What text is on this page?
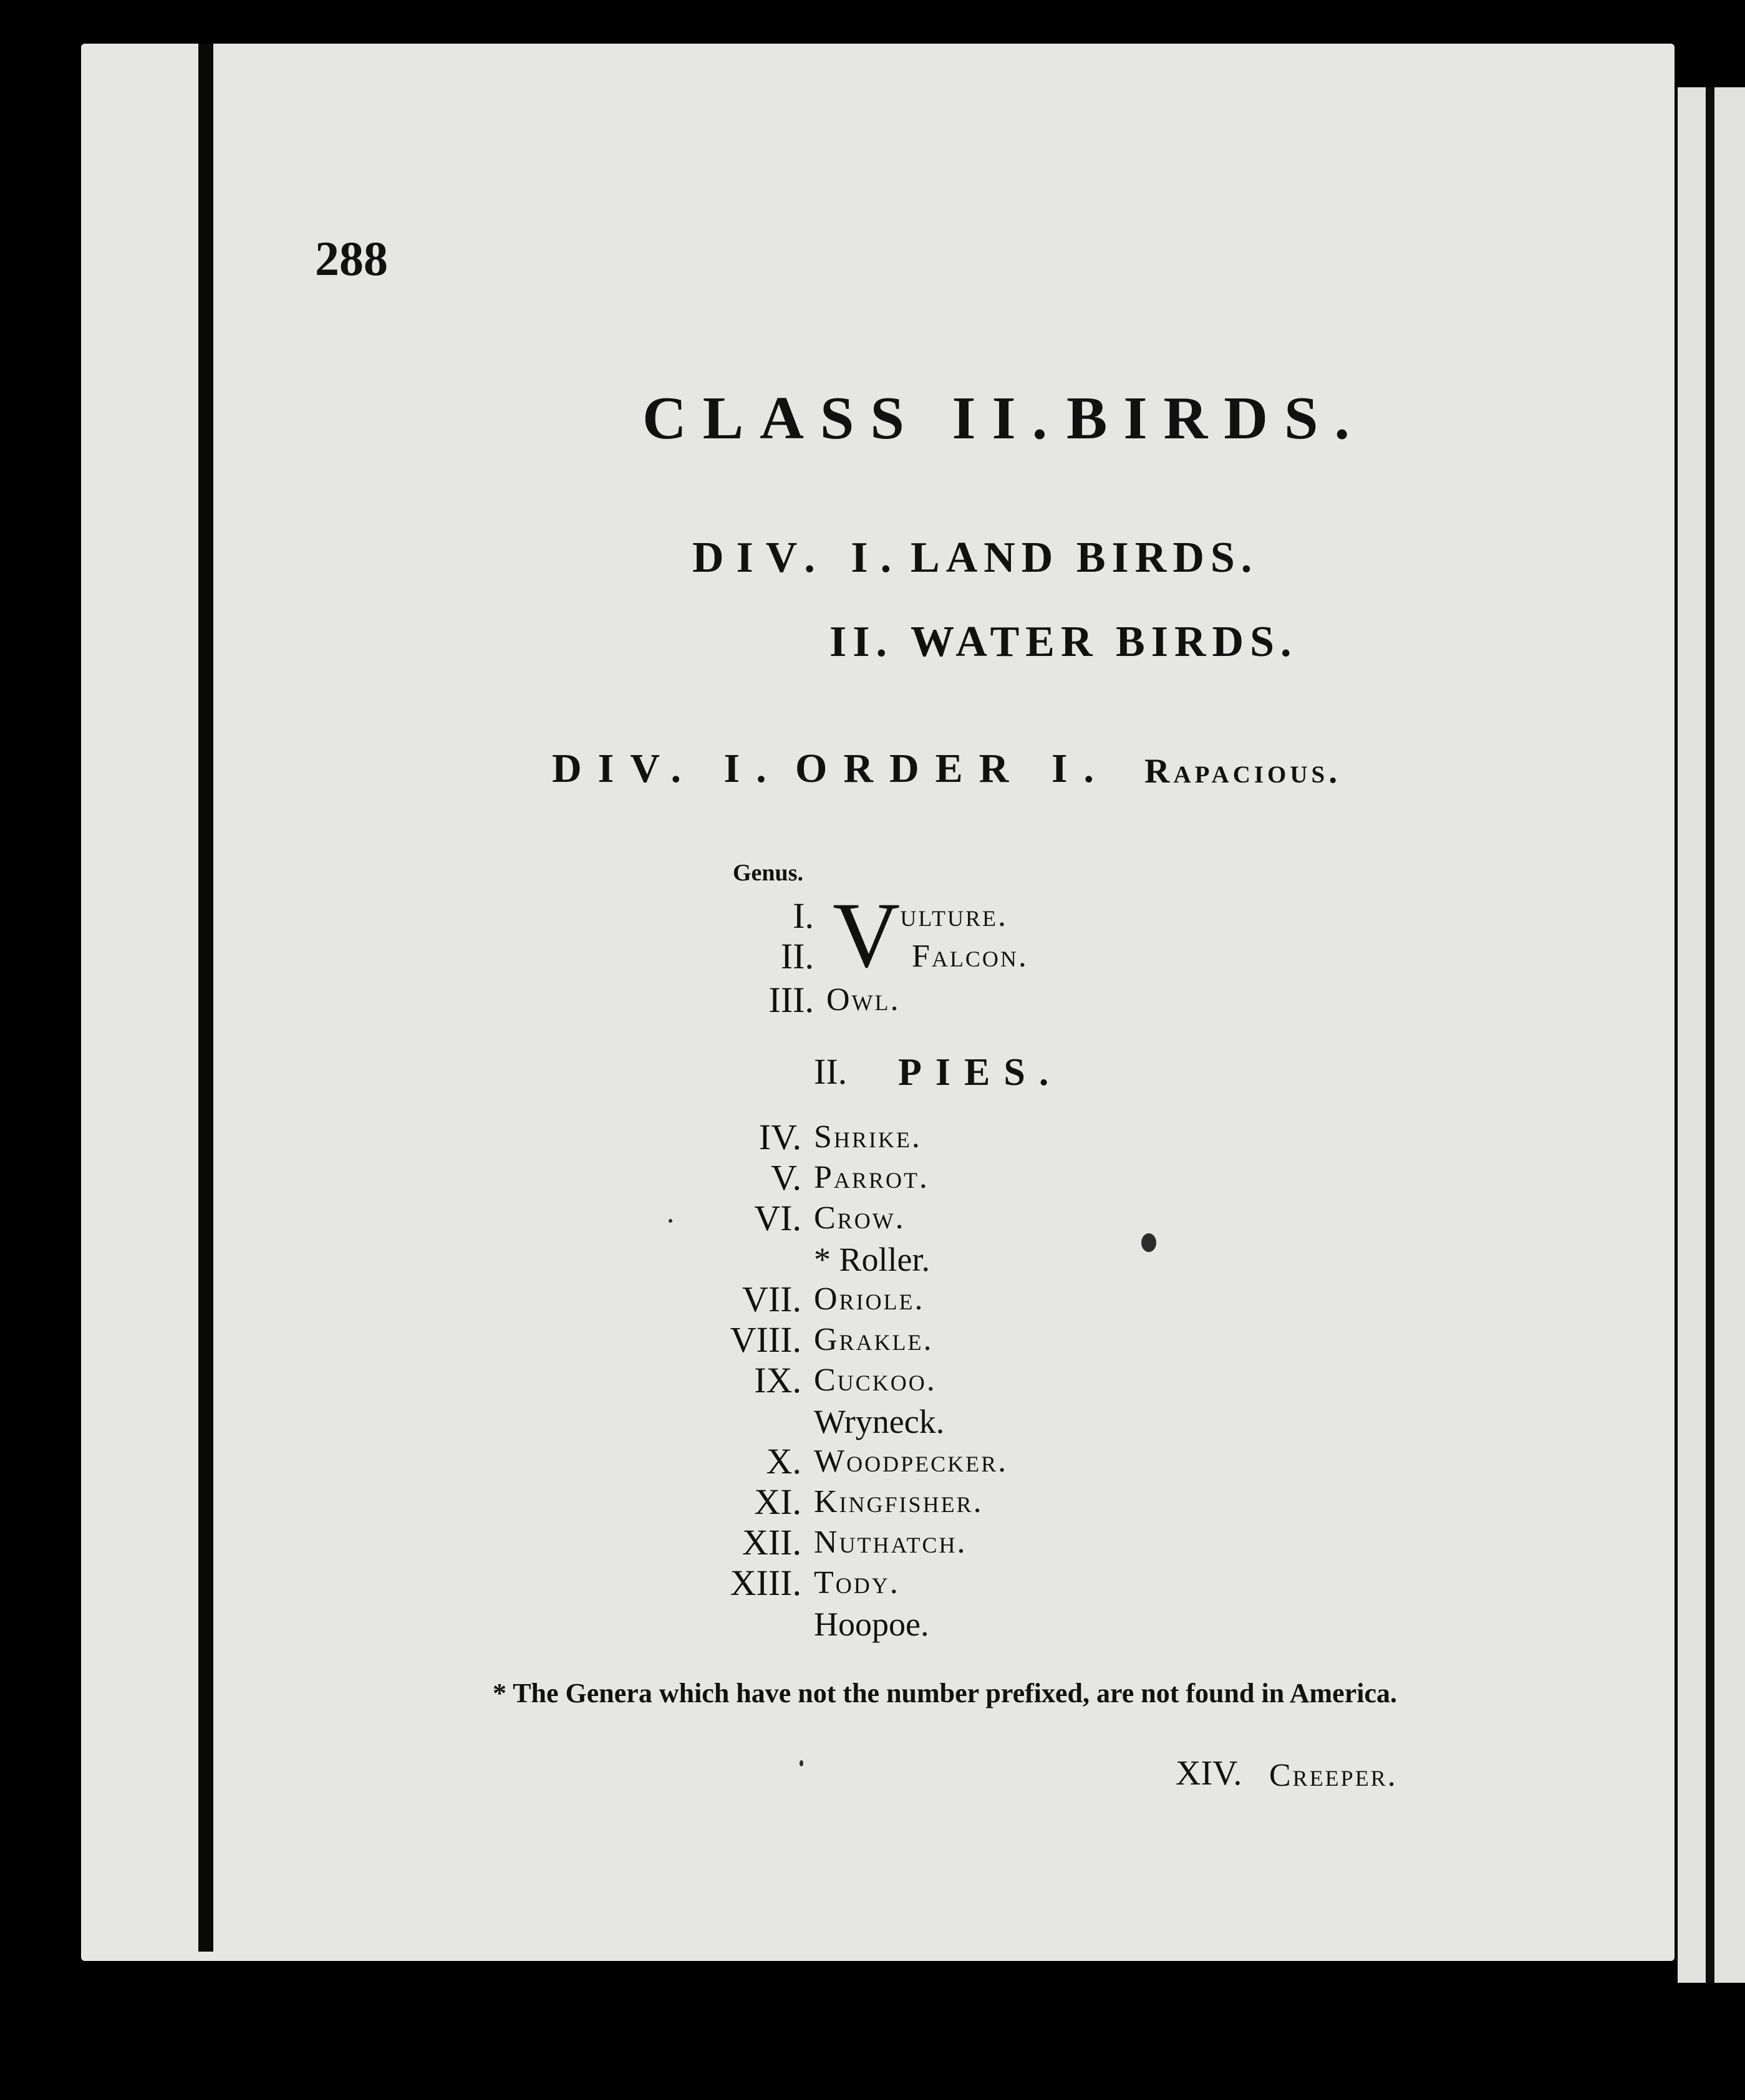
288
CLASS II. BIRDS.
DIV. I. LAND BIRDS.
II. WATER BIRDS.
DIV. I. ORDER I. Rapacious.
Genus.
I. Vulture.
II.	Falcon.
III. Owl.
II. PIES.
IV. Shrike.
V. Parrot.
VI. Crow.
* Roller.
VII. Oriole.
VIII. Grakle.
IX. Cuckoo.
Wryneck.
X. Woodpecker.
XI. Kingfisher.
XII. Nuthatch.
XIII. Tody.
Hoopoe.
* The Genera which have not the number prefixed, are not found in America.
XIV. Creeper.
